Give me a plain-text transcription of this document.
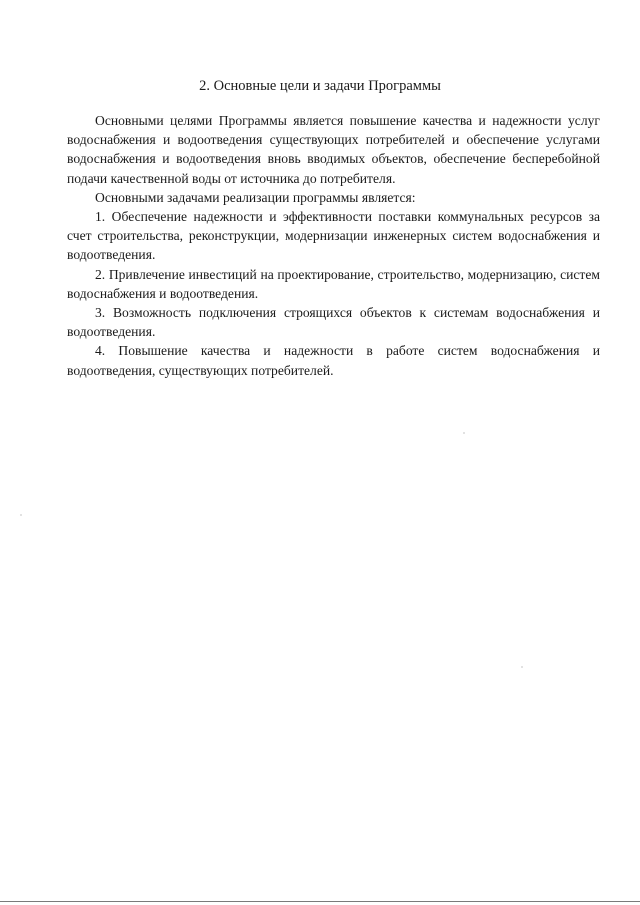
2. Основные цели и задачи Программы

Основными целями Программы является повышение качества и надежности услуг водоснабжения и водоотведения существующих потребителей и обеспечение услугами водоснабжения и водоотведения вновь вводимых объектов, обеспечение бесперебойной подачи качественной воды от источника до потребителя.

Основными задачами реализации программы является:

1. Обеспечение надежности и эффективности поставки коммунальных ресурсов за счет строительства, реконструкции, модернизации инженерных систем водоснабжения и водоотведения.

2. Привлечение инвестиций на проектирование, строительство, модернизацию, систем водоснабжения и водоотведения.

3. Возможность подключения строящихся объектов к системам водоснабжения и водоотведения.

4. Повышение качества и надежности в работе систем водоснабжения и водоотведения, существующих потребителей.
